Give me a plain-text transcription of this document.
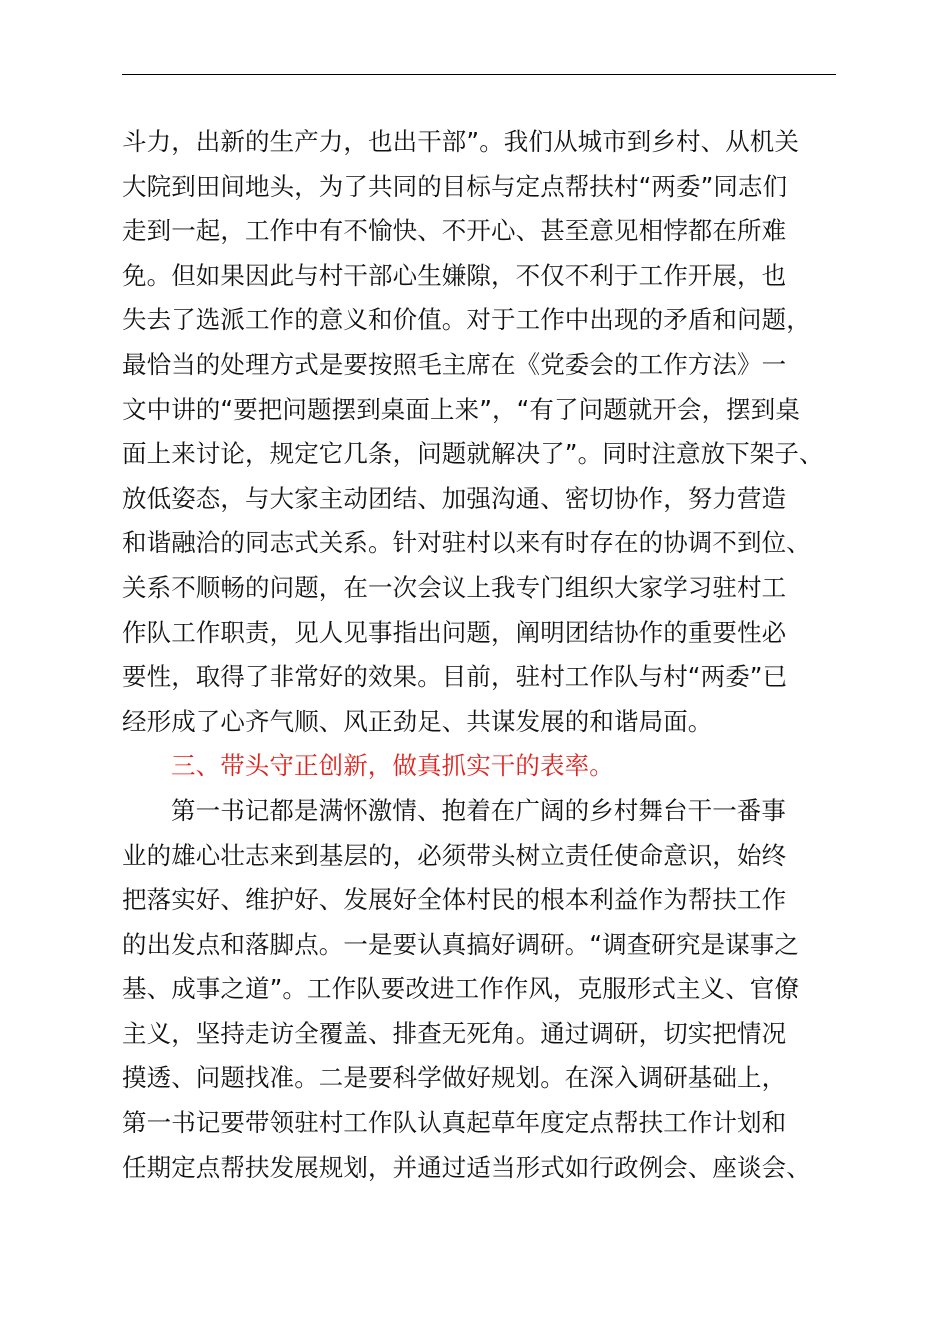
斗力，出新的生产力，也出干部”。我们从城市到乡村、从机关
大院到田间地头，为了共同的目标与定点帮扶村“两委”同志们
走到一起，工作中有不愉快、不开心、甚至意见相悖都在所难
免。但如果因此与村干部心生嫌隙，不仅不利于工作开展，也
失去了选派工作的意义和价值。对于工作中出现的矛盾和问题，
最恰当的处理方式是要按照毛主席在《党委会的工作方法》一
文中讲的“要把问题摆到桌面上来”，“有了问题就开会，摆到桌
面上来讨论，规定它几条，问题就解决了”。同时注意放下架子、
放低姿态，与大家主动团结、加强沟通、密切协作，努力营造
和谐融洽的同志式关系。针对驻村以来有时存在的协调不到位、
关系不顺畅的问题，在一次会议上我专门组织大家学习驻村工
作队工作职责，见人见事指出问题，阐明团结协作的重要性必
要性，取得了非常好的效果。目前，驻村工作队与村“两委”已
经形成了心齐气顺、风正劲足、共谋发展的和谐局面。
三、带头守正创新，做真抓实干的表率。
第一书记都是满怀激情、抱着在广阔的乡村舞台干一番事
业的雄心壮志来到基层的，必须带头树立责任使命意识，始终
把落实好、维护好、发展好全体村民的根本利益作为帮扶工作
的出发点和落脚点。一是要认真搞好调研。“调查研究是谋事之
基、成事之道”。工作队要改进工作作风，克服形式主义、官僚
主义，坚持走访全覆盖、排查无死角。通过调研，切实把情况
摸透、问题找准。二是要科学做好规划。在深入调研基础上，
第一书记要带领驻村工作队认真起草年度定点帮扶工作计划和
任期定点帮扶发展规划，并通过适当形式如行政例会、座谈会、
